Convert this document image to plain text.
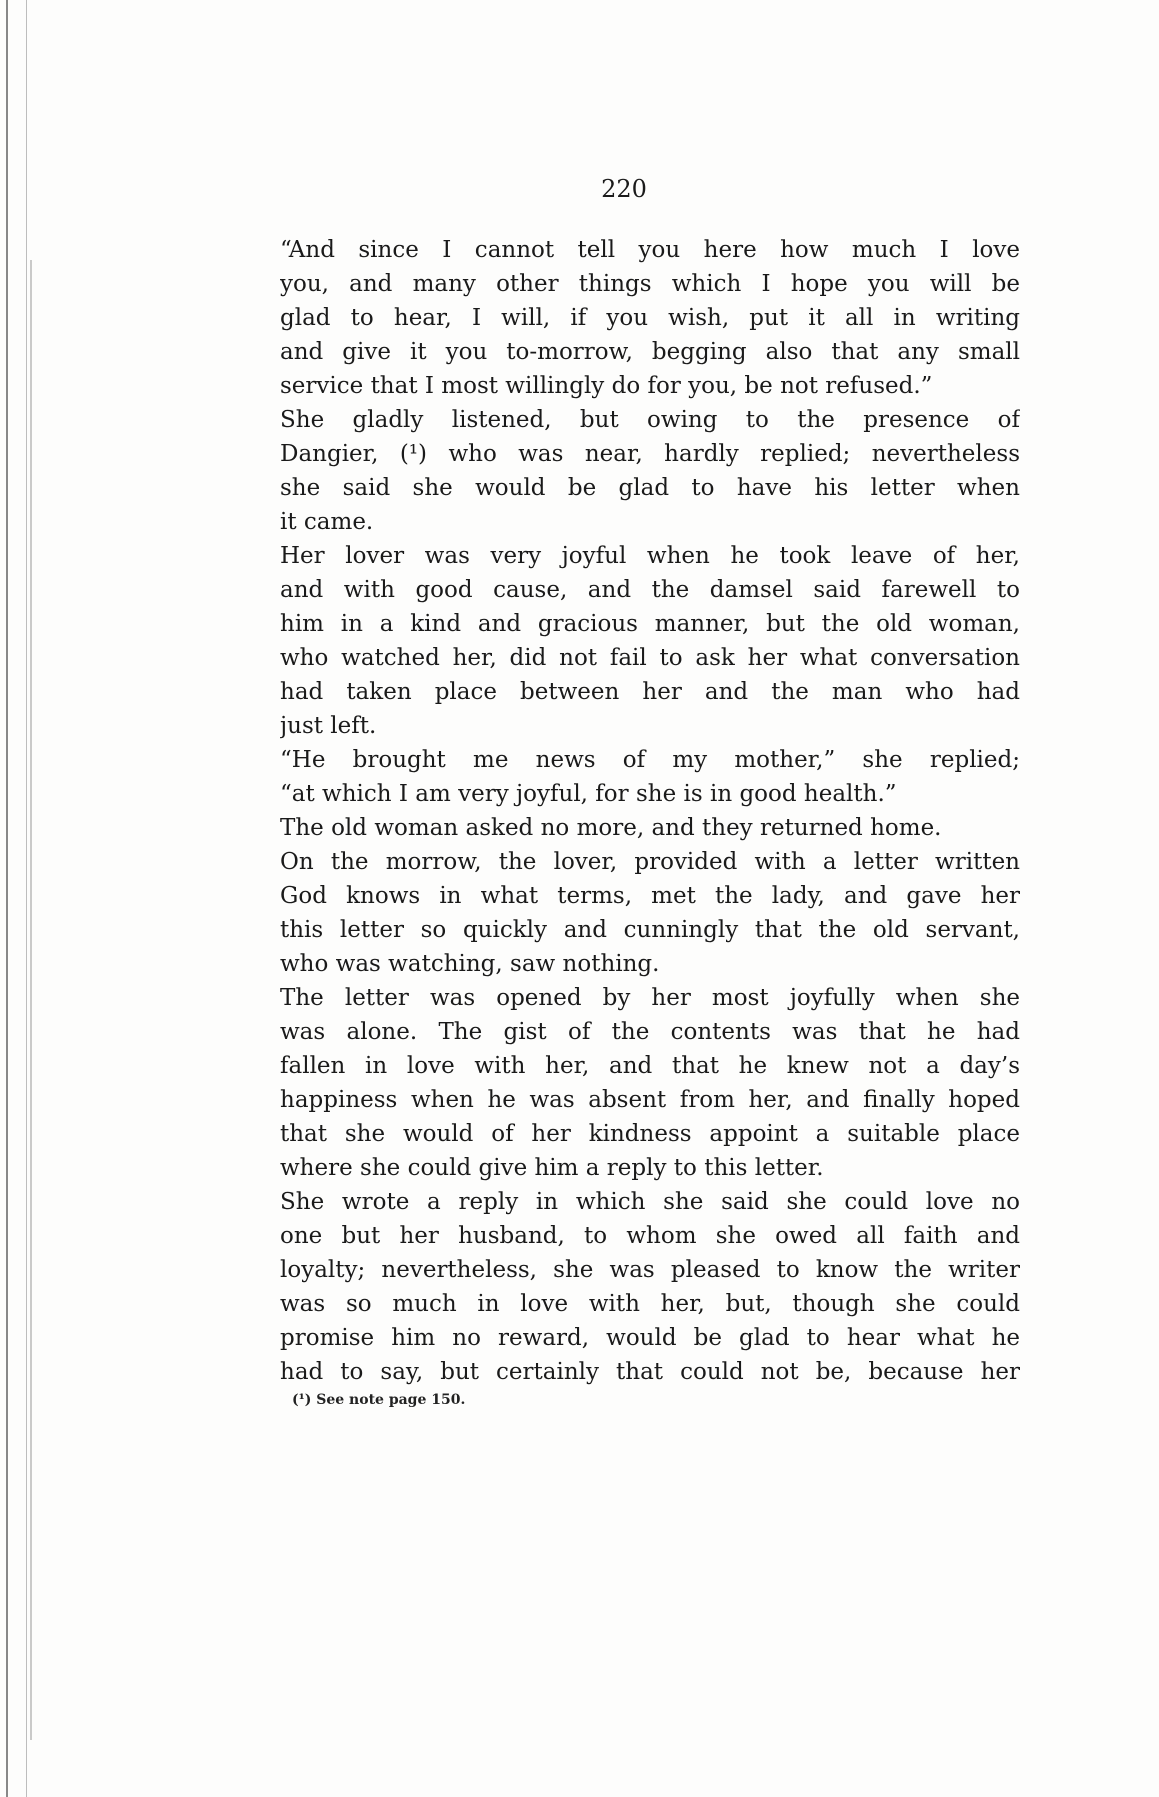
220

“And since I cannot tell you here how much I love
you, and many other things which I hope you will be
glad to hear, I will, if you wish, put it all in writing
and give it you to-morrow, begging also that any small
service that I most willingly do for you, be not refused.”

She gladly listened, but owing to the presence of
Dangier, (¹) who was near, hardly replied; nevertheless
she said she would be glad to have his letter when
it came.

Her lover was very joyful when he took leave of her,
and with good cause, and the damsel said farewell to
him in a kind and gracious manner, but the old woman,
who watched her, did not fail to ask her what conversation
had taken place between her and the man who had
just left.

“He brought me news of my mother,” she replied;
“at which I am very joyful, for she is in good health.”

The old woman asked no more, and they returned home.

On the morrow, the lover, provided with a letter written
God knows in what terms, met the lady, and gave her
this letter so quickly and cunningly that the old servant,
who was watching, saw nothing.

The letter was opened by her most joyfully when she
was alone. The gist of the contents was that he had
fallen in love with her, and that he knew not a day’s
happiness when he was absent from her, and finally hoped
that she would of her kindness appoint a suitable place
where she could give him a reply to this letter.

She wrote a reply in which she said she could love no
one but her husband, to whom she owed all faith and
loyalty; nevertheless, she was pleased to know the writer
was so much in love with her, but, though she could
promise him no reward, would be glad to hear what he
had to say, but certainly that could not be, because her

(¹) See note page 150.
